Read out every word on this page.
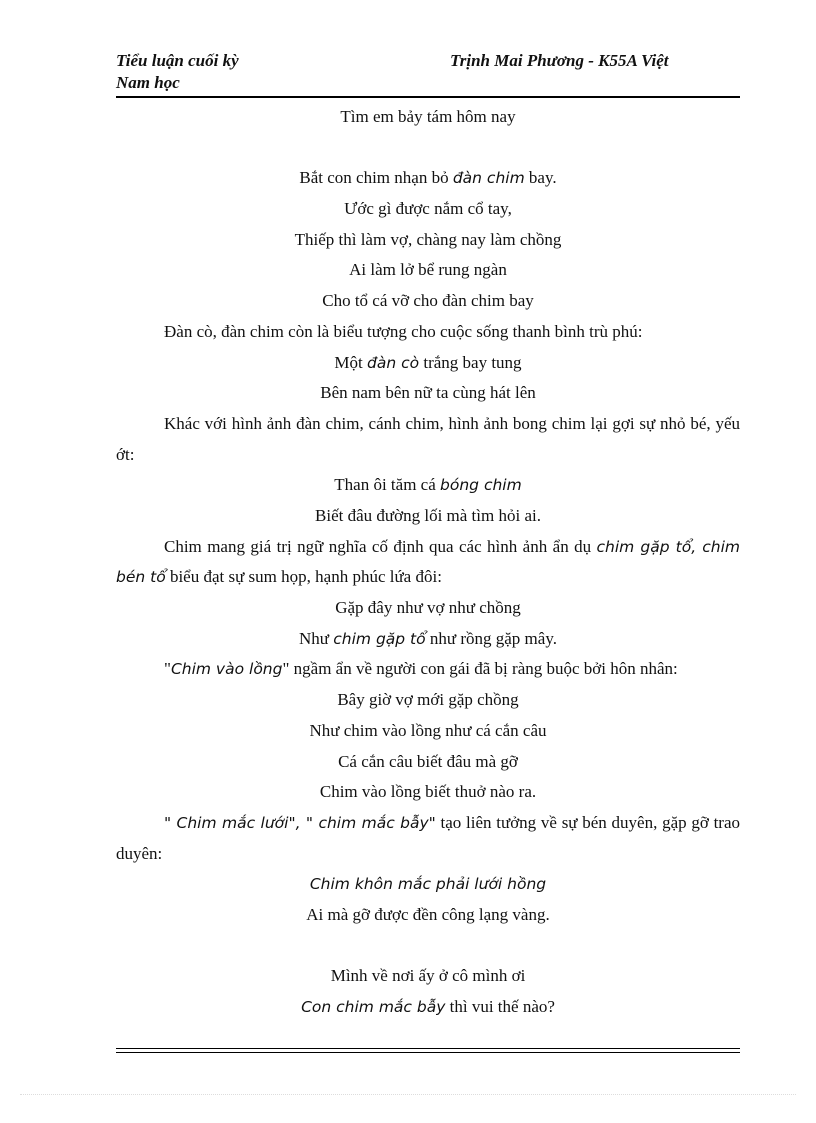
Tiểu luận cuối kỳ
Nam học
Trịnh Mai Phương - K55A Việt
Tìm em bảy tám hôm nay
Bắt con chim nhạn bỏ đàn chim bay.
Ước gì được nắm cổ tay,
Thiếp thì làm vợ, chàng nay làm chồng
Ai làm lở bể rung ngàn
Cho tổ cá vỡ cho đàn chim bay
Đàn cò, đàn chim còn là biểu tượng cho cuộc sống thanh bình trù phú:
Một đàn cò trắng bay tung
Bên nam bên nữ ta cùng hát lên
Khác với hình ảnh đàn chim, cánh chim, hình ảnh bong chim lại gợi sự nhỏ bé, yếu ớt:
Than ôi tăm cá bóng chim
Biết đâu đường lối mà tìm hỏi ai.
Chim mang giá trị ngữ nghĩa cố định qua các hình ảnh ẩn dụ chim gặp tổ, chim bén tổ biểu đạt sự sum họp, hạnh phúc lứa đôi:
Gặp đây như vợ như chồng
Như chim gặp tổ như rồng gặp mây.
"Chim vào lồng" ngầm ẩn về người con gái đã bị ràng buộc bởi hôn nhân:
Bây giờ vợ mới gặp chồng
Như chim vào lồng như cá cắn câu
Cá cắn câu biết đâu mà gỡ
Chim vào lồng biết thuở nào ra.
" Chim mắc lưới", " chim mắc bẫy" tạo liên tưởng về sự bén duyên, gặp gỡ trao duyên:
Chim khôn mắc phải lưới hồng
Ai mà gỡ được đền công lạng vàng.
Mình về nơi ấy ở cô mình ơi
Con chim mắc bẫy thì vui thế nào?
